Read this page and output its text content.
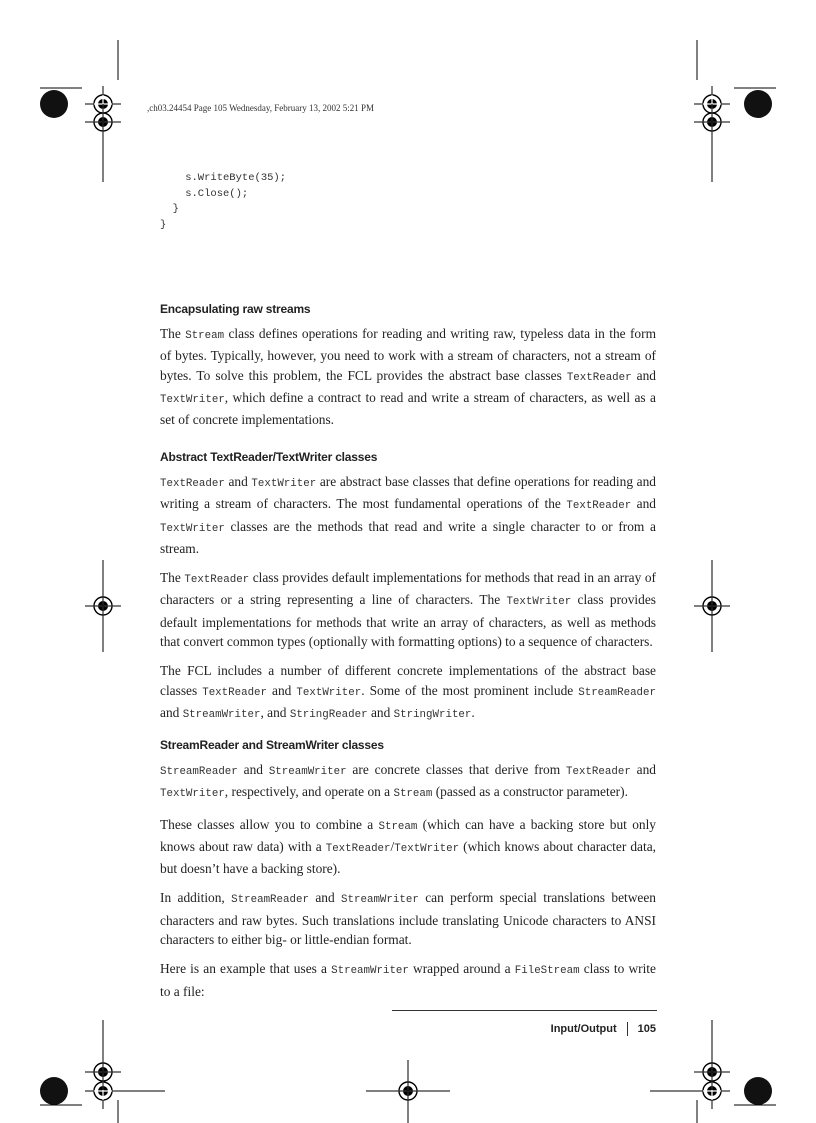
,ch03.24454 Page 105 Wednesday, February 13, 2002 5:21 PM
s.WriteByte(35);
s.Close();
}
}
Encapsulating raw streams

The Stream class defines operations for reading and writing raw, typeless data in the form of bytes. Typically, however, you need to work with a stream of characters, not a stream of bytes. To solve this problem, the FCL provides the abstract base classes TextReader and TextWriter, which define a contract to read and write a stream of characters, as well as a set of concrete implementations.

Abstract TextReader/TextWriter classes

TextReader and TextWriter are abstract base classes that define operations for reading and writing a stream of characters. The most fundamental operations of the TextReader and TextWriter classes are the methods that read and write a single character to or from a stream.

The TextReader class provides default implementations for methods that read in an array of characters or a string representing a line of characters. The TextWriter class provides default implementations for methods that write an array of characters, as well as methods that convert common types (optionally with formatting options) to a sequence of characters.

The FCL includes a number of different concrete implementations of the abstract base classes TextReader and TextWriter. Some of the most prominent include StreamReader and StreamWriter, and StringReader and StringWriter.

StreamReader and StreamWriter classes

StreamReader and StreamWriter are concrete classes that derive from TextReader and TextWriter, respectively, and operate on a Stream (passed as a constructor parameter).

These classes allow you to combine a Stream (which can have a backing store but only knows about raw data) with a TextReader/TextWriter (which knows about character data, but doesn’t have a backing store).

In addition, StreamReader and StreamWriter can perform special translations between characters and raw bytes. Such translations include translating Unicode characters to ANSI characters to either big- or little-endian format.

Here is an example that uses a StreamWriter wrapped around a FileStream class to write to a file:

Input/Output 105
